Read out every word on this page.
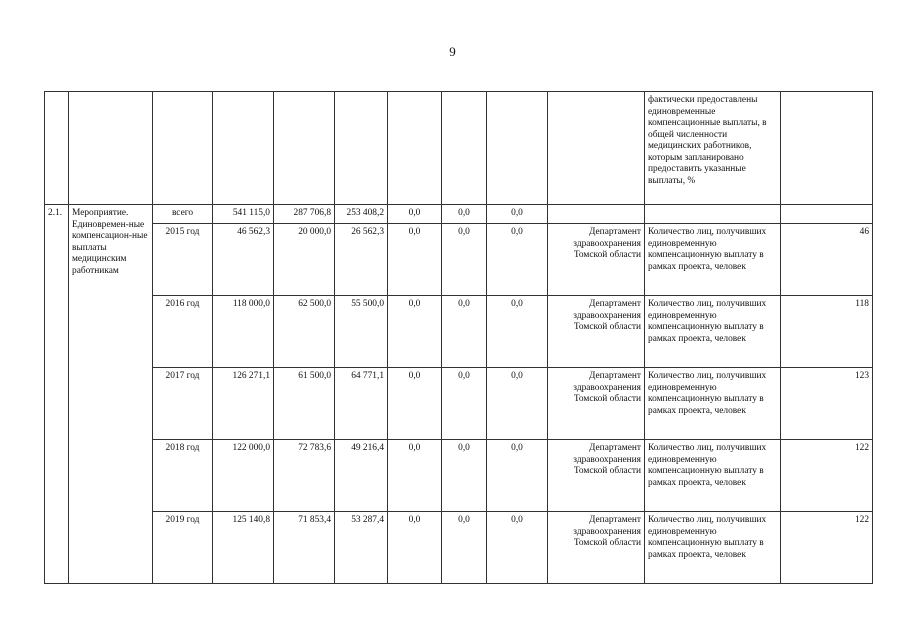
9
										фактически предоставлены единовременные компенсационные выплаты, в общей численности медицинских работников, которым запланировано предоставить указанные выплаты, %	
2.1.	Мероприятие. Единовремен-ные компенсацион-ные выплаты медицинским работникам	всего	541 115,0	287 706,8	253 408,2	0,0	0,0	0,0			
		2015 год	46 562,3	20 000,0	26 562,3	0,0	0,0	0,0	Департамент здравоохранения Томской области	Количество лиц, получивших единовременную компенсационную выплату в рамках проекта, человек	46
		2016 год	118 000,0	62 500,0	55 500,0	0,0	0,0	0,0	Департамент здравоохранения Томской области	Количество лиц, получивших единовременную компенсационную выплату в рамках проекта, человек	118
		2017 год	126 271,1	61 500,0	64 771,1	0,0	0,0	0,0	Департамент здравоохранения Томской области	Количество лиц, получивших единовременную компенсационную выплату в рамках проекта, человек	123
		2018 год	122 000,0	72 783,6	49 216,4	0,0	0,0	0,0	Департамент здравоохранения Томской области	Количество лиц, получивших единовременную компенсационную выплату в рамках проекта, человек	122
		2019 год	125 140,8	71 853,4	53 287,4	0,0	0,0	0,0	Департамент здравоохранения Томской области	Количество лиц, получивших единовременную компенсационную выплату в рамках проекта, человек	122
